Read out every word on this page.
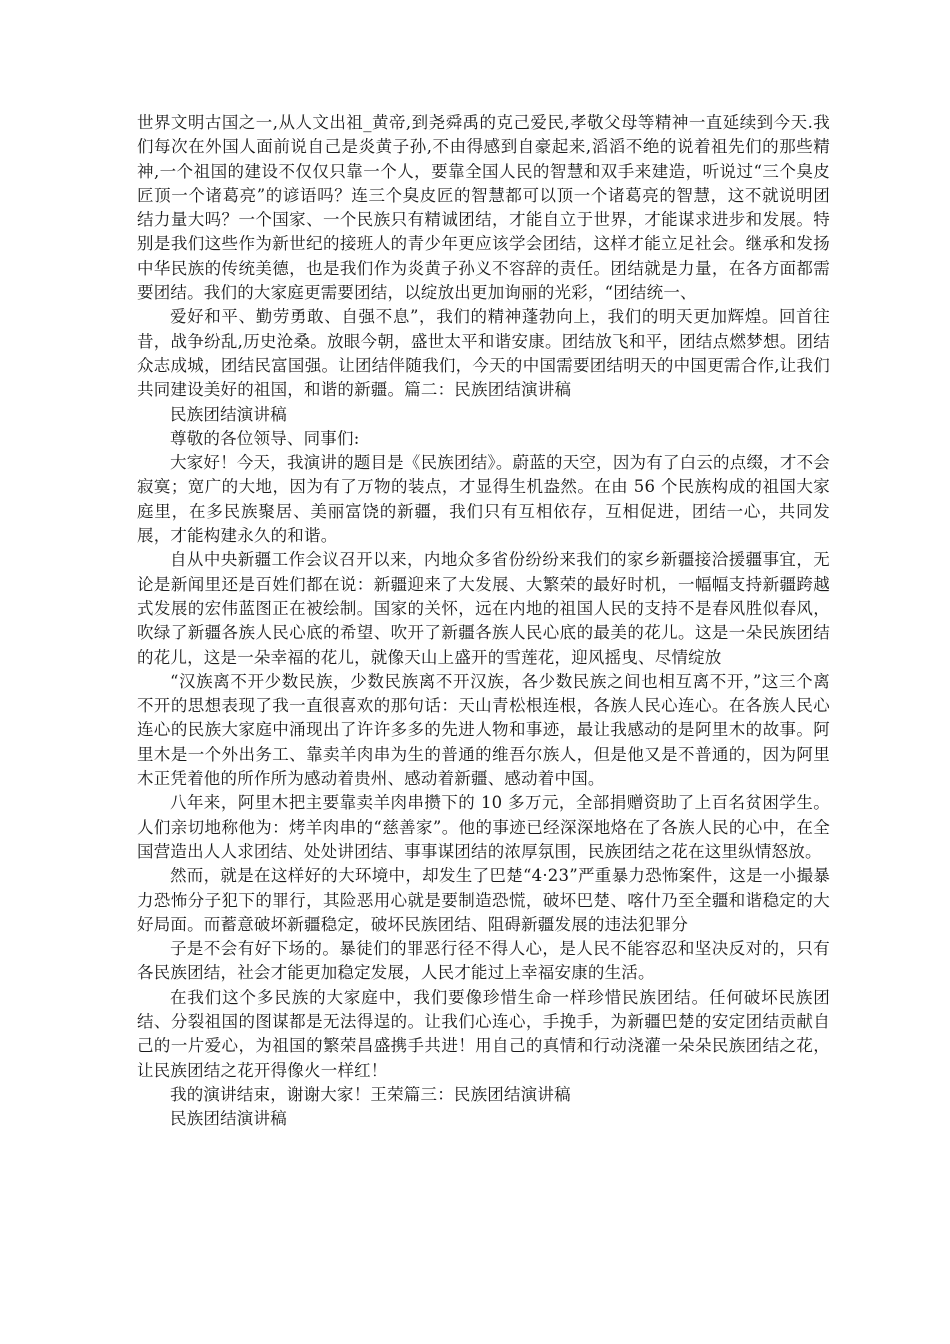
世界文明古国之一,从人文出祖_黄帝,到尧舜禹的克己爱民,孝敬父母等精神一直延续到今天.我们每次在外国人面前说自己是炎黄子孙,不由得感到自豪起来,滔滔不绝的说着祖先们的那些精神,一个祖国的建设不仅仅只靠一个人，要靠全国人民的智慧和双手来建造，听说过“三个臭皮匠顶一个诸葛亮”的谚语吗？连三个臭皮匠的智慧都可以顶一个诸葛亮的智慧，这不就说明团结力量大吗？一个国家、一个民族只有精诚团结，才能自立于世界，才能谋求进步和发展。特别是我们这些作为新世纪的接班人的青少年更应该学会团结，这样才能立足社会。继承和发扬中华民族的传统美德，也是我们作为炎黄子孙义不容辞的责任。团结就是力量，在各方面都需要团结。我们的大家庭更需要团结，以绽放出更加询丽的光彩，“团结统一、

爱好和平、勤劳勇敢、自强不息”，我们的精神蓬勃向上，我们的明天更加辉煌。回首往昔，战争纷乱,历史沧桑。放眼今朝，盛世太平和谐安康。团结放飞和平，团结点燃梦想。团结众志成城，团结民富国强。让团结伴随我们，今天的中国需要团结明天的中国更需合作,让我们共同建设美好的祖国，和谐的新疆。篇二：民族团结演讲稿

民族团结演讲稿

尊敬的各位领导、同事们:

大家好！今天，我演讲的题目是《民族团结》。蔚蓝的天空，因为有了白云的点缀，才不会寂寞；宽广的大地，因为有了万物的装点，才显得生机盎然。在由 56 个民族构成的祖国大家庭里，在多民族聚居、美丽富饶的新疆，我们只有互相依存，互相促进，团结一心，共同发展，才能构建永久的和谐。

自从中央新疆工作会议召开以来，内地众多省份纷纷来我们的家乡新疆接洽援疆事宜，无论是新闻里还是百姓们都在说：新疆迎来了大发展、大繁荣的最好时机，一幅幅支持新疆跨越式发展的宏伟蓝图正在被绘制。国家的关怀，远在内地的祖国人民的支持不是春风胜似春风，吹绿了新疆各族人民心底的希望、吹开了新疆各族人民心底的最美的花儿。这是一朵民族团结的花儿，这是一朵幸福的花儿，就像天山上盛开的雪莲花，迎风摇曳、尽情绽放

“汉族离不开少数民族，少数民族离不开汉族，各少数民族之间也相互离不开，”这三个离不开的思想表现了我一直很喜欢的那句话：天山青松根连根，各族人民心连心。在各族人民心连心的民族大家庭中涌现出了许许多多的先进人物和事迹，最让我感动的是阿里木的故事。阿里木是一个外出务工、靠卖羊肉串为生的普通的维吾尔族人，但是他又是不普通的，因为阿里木正凭着他的所作所为感动着贵州、感动着新疆、感动着中国。

八年来，阿里木把主要靠卖羊肉串攒下的 10 多万元，全部捐赠资助了上百名贫困学生。人们亲切地称他为：烤羊肉串的“慈善家”。他的事迹已经深深地烙在了各族人民的心中，在全国营造出人人求团结、处处讲团结、事事谋团结的浓厚氛围，民族团结之花在这里纵情怒放。

然而，就是在这样好的大环境中，却发生了巴楚“4·23”严重暴力恐怖案件，这是一小撮暴力恐怖分子犯下的罪行，其险恶用心就是要制造恐慌，破坏巴楚、喀什乃至全疆和谐稳定的大好局面。而蓄意破坏新疆稳定，破坏民族团结、阻碍新疆发展的违法犯罪分

子是不会有好下场的。暴徒们的罪恶行径不得人心，是人民不能容忍和坚决反对的，只有各民族团结，社会才能更加稳定发展，人民才能过上幸福安康的生活。

在我们这个多民族的大家庭中，我们要像珍惜生命一样珍惜民族团结。任何破坏民族团结、分裂祖国的图谋都是无法得逞的。让我们心连心，手挽手，为新疆巴楚的安定团结贡献自己的一片爱心，为祖国的繁荣昌盛携手共进！用自己的真情和行动浇灌一朵朵民族团结之花，让民族团结之花开得像火一样红！

我的演讲结束，谢谢大家！王荣篇三：民族团结演讲稿

民族团结演讲稿
